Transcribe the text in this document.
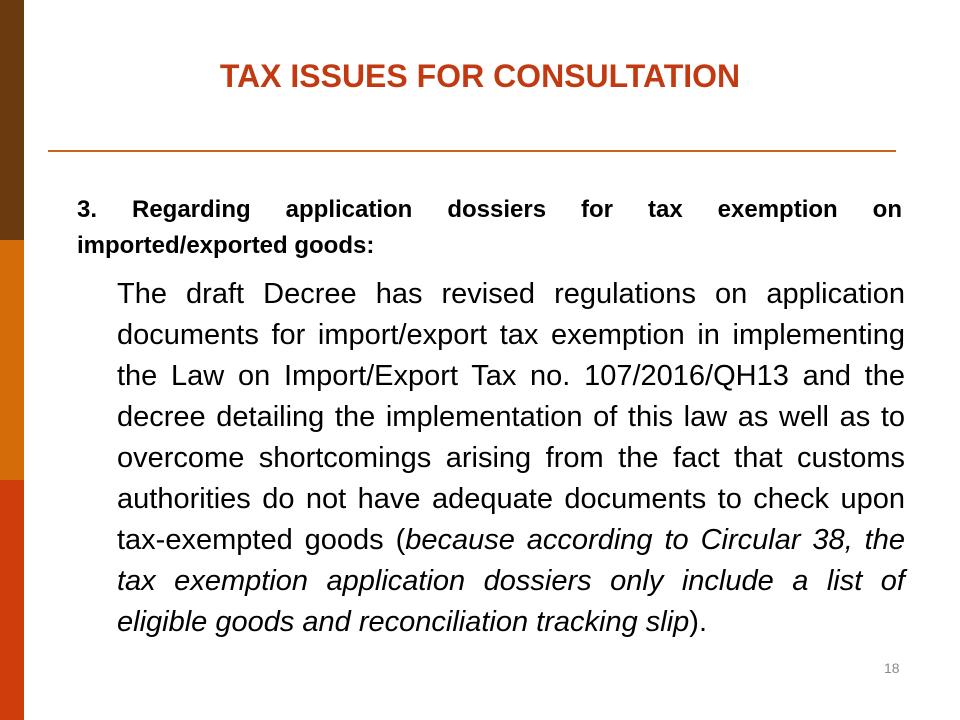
TAX ISSUES FOR CONSULTATION

3. Regarding application dossiers for tax exemption on imported/exported goods:

The draft Decree has revised regulations on application documents for import/export tax exemption in implementing the Law on Import/Export Tax no. 107/2016/QH13 and the decree detailing the implementation of this law as well as to overcome shortcomings arising from the fact that customs authorities do not have adequate documents to check upon tax-exempted goods (because according to Circular 38, the tax exemption application dossiers only include a list of eligible goods and reconciliation tracking slip).

18
